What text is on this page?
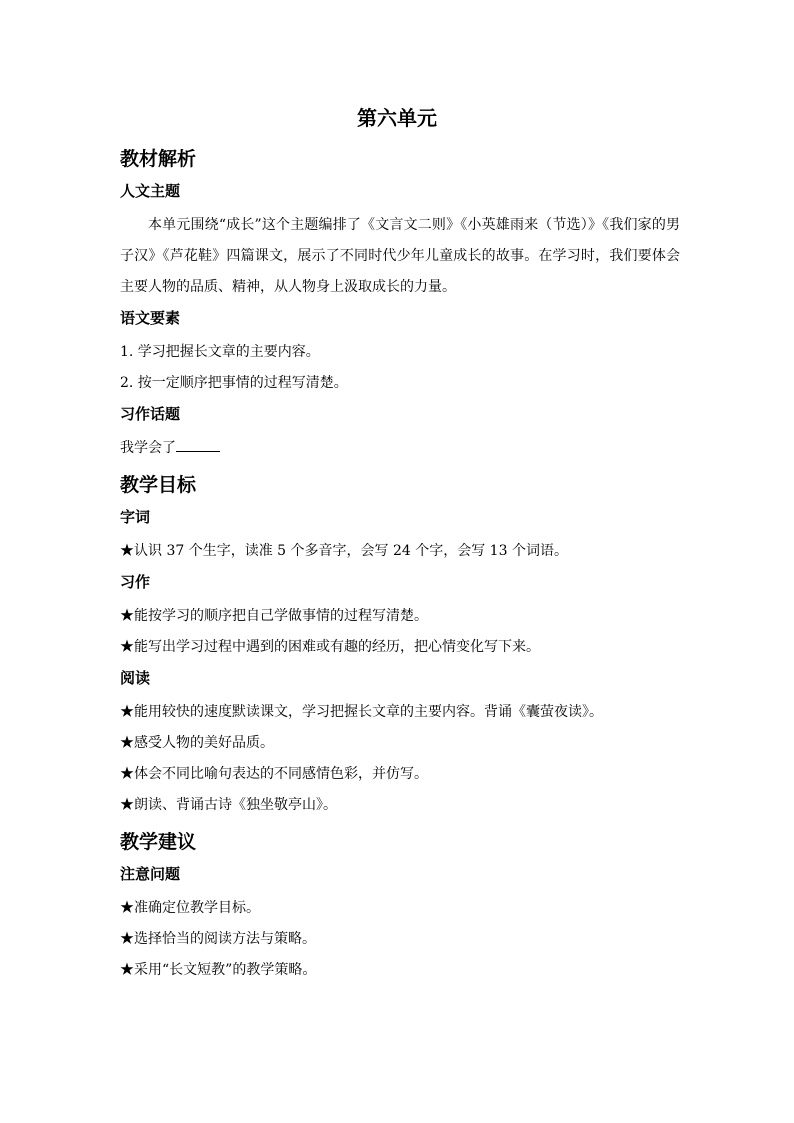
第六单元
教材解析
人文主题

本单元围绕“成长”这个主题编排了《文言文二则》《小英雄雨来（节选）》《我们家的男子汉》《芦花鞋》四篇课文，展示了不同时代少年儿童成长的故事。在学习时，我们要体会主要人物的品质、精神，从人物身上汲取成长的力量。

语文要素

1. 学习把握长文章的主要内容。

2. 按一定顺序把事情的过程写清楚。

习作话题

我学会了

教学目标
字词

★认识 37 个生字，读准 5 个多音字，会写 24 个字，会写 13 个词语。

习作

★能按学习的顺序把自己学做事情的过程写清楚。

★能写出学习过程中遇到的困难或有趣的经历，把心情变化写下来。

阅读

★能用较快的速度默读课文，学习把握长文章的主要内容。背诵《囊萤夜读》。

★感受人物的美好品质。

★体会不同比喻句表达的不同感情色彩，并仿写。

★朗读、背诵古诗《独坐敬亭山》。

教学建议
注意问题

★准确定位教学目标。

★选择恰当的阅读方法与策略。

★采用“长文短教”的教学策略。
